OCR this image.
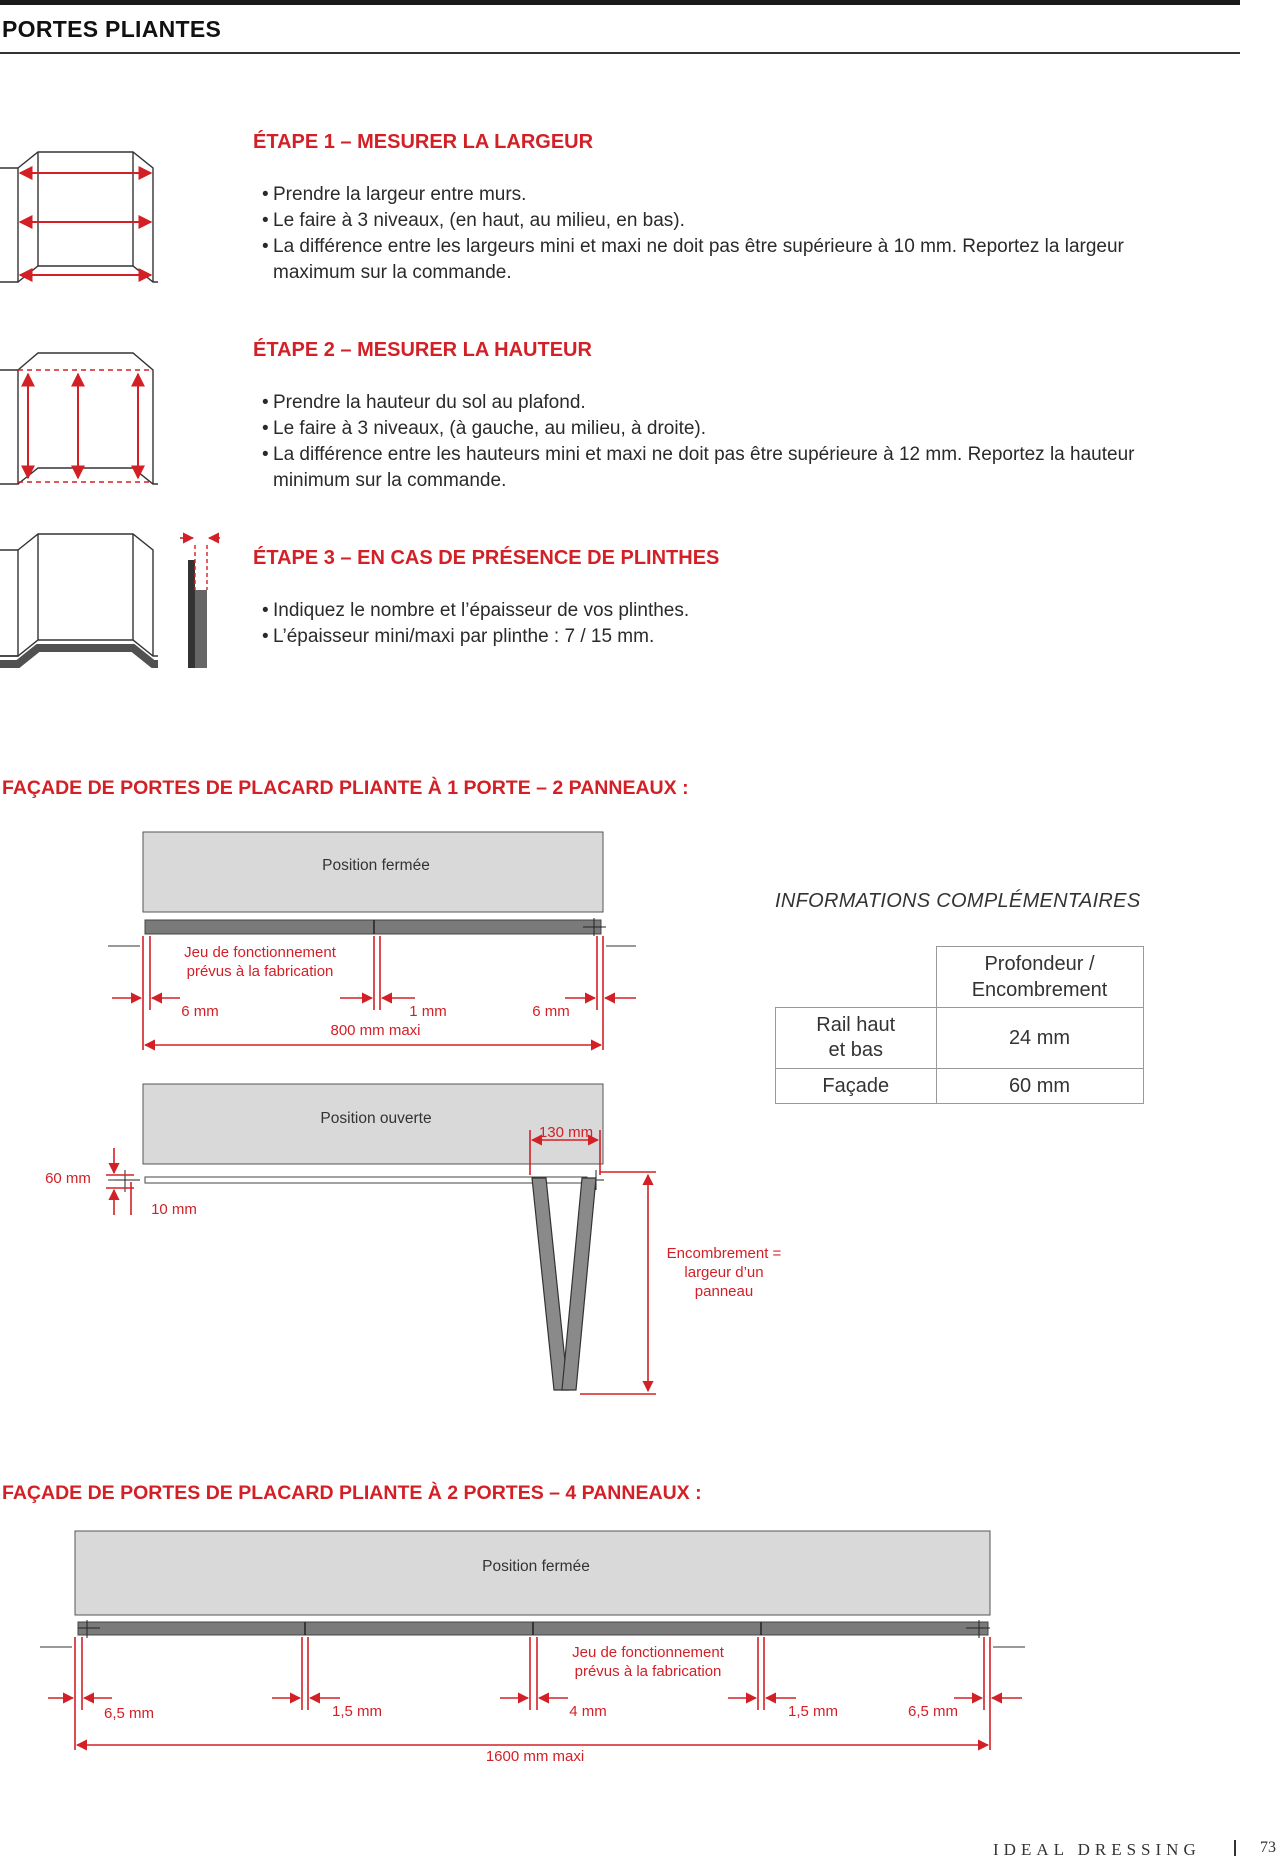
PORTES PLIANTES
ÉTAPE 1 – MESURER LA LARGEUR
• Prendre la largeur entre murs.
• Le faire à 3 niveaux, (en haut, au milieu, en bas).
• La différence entre les largeurs mini et maxi ne doit pas être supérieure à 10 mm. Reportez la largeur maximum sur la commande.
ÉTAPE 2 – MESURER LA HAUTEUR
• Prendre la hauteur du sol au plafond.
• Le faire à 3 niveaux, (à gauche, au milieu, à droite).
• La différence entre les hauteurs mini et maxi ne doit pas être supérieure à 12 mm. Reportez la hauteur minimum sur la commande.
ÉTAPE 3 – EN CAS DE PRÉSENCE DE PLINTHES
• Indiquez le nombre et l’épaisseur de vos plinthes.
• L’épaisseur mini/maxi par plinthe : 7 / 15 mm.
FAÇADE DE PORTES DE PLACARD PLIANTE À 1 PORTE – 2 PANNEAUX :
Position fermée
Jeu de fonctionnement prévus à la fabrication
6 mm	1 mm	6 mm
800 mm maxi
Position ouverte
130 mm
60 mm
10 mm
Encombrement = largeur d’un panneau
INFORMATIONS COMPLÉMENTAIRES
	Profondeur / Encombrement
Rail haut et bas	24 mm
Façade	60 mm
FAÇADE DE PORTES DE PLACARD PLIANTE À 2 PORTES – 4 PANNEAUX :
Position fermée
Jeu de fonctionnement prévus à la fabrication
6,5 mm	1,5 mm	4 mm	1,5 mm	6,5 mm
1600 mm maxi
IDEAL DRESSING	73
